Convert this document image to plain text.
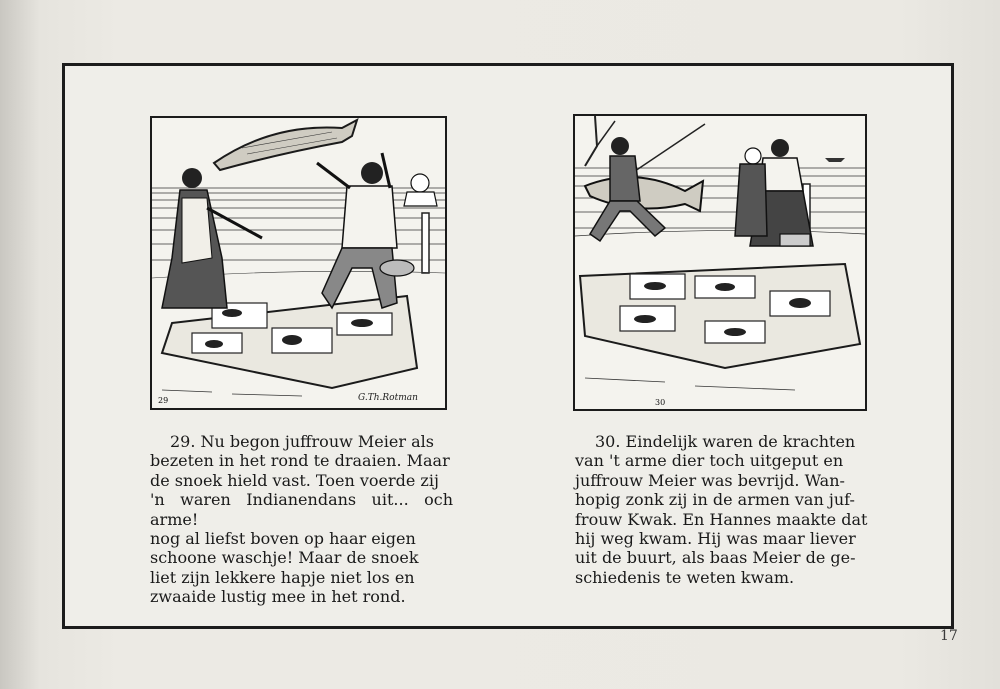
29	G.Th.Rotman	30

29. Nu begon juffrouw Meier als

bezeten in het rond te draaien. Maar

de snoek hield vast. Toen voerde zij

'n waren Indianendans uit... och arme!

nog al liefst boven op haar eigen

schoone waschje! Maar de snoek

liet zijn lekkere hapje niet los en

zwaaide lustig mee in het rond.

30. Eindelijk waren de krachten

van 't arme dier toch uitgeput en

juffrouw Meier was bevrijd. Wan-

hopig zonk zij in de armen van juf-

frouw Kwak. En Hannes maakte dat

hij weg kwam. Hij was maar liever

uit de buurt, als baas Meier de ge-

schiedenis te weten kwam.

17
